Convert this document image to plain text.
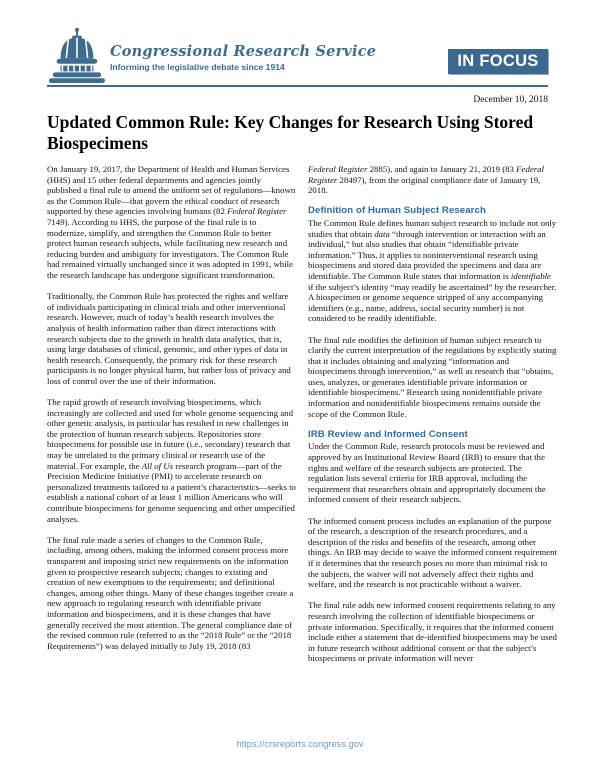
Congressional Research Service
Informing the legislative debate since 1914	IN FOCUS
December 10, 2018
Updated Common Rule: Key Changes for Research Using Stored Biospecimens

On January 19, 2017, the Department of Health and Human Services (HHS) and 15 other federal departments and agencies jointly published a final rule to amend the uniform set of regulations—known as the Common Rule—that govern the ethical conduct of research supported by these agencies involving humans (82 Federal Register 7149). According to HHS, the purpose of the final rule is to modernize, simplify, and strengthen the Common Rule to better protect human research subjects, while facilitating new research and reducing burden and ambiguity for investigators. The Common Rule had remained virtually unchanged since it was adopted in 1991, while the research landscape has undergone significant transformation.

Traditionally, the Common Rule has protected the rights and welfare of individuals participating in clinical trials and other interventional research. However, much of today’s health research involves the analysis of health information rather than direct interactions with research subjects due to the growth in health data analytics, that is, using large databases of clinical, genomic, and other types of data in health research. Consequently, the primary risk for these research participants is no longer physical harm, but rather loss of privacy and loss of control over the use of their information.

The rapid growth of research involving biospecimens, which increasingly are collected and used for whole genome sequencing and other genetic analysis, in particular has resulted in new challenges in the protection of human research subjects. Repositories store biospecimens for possible use in future (i.e., secondary) research that may be unrelated to the primary clinical or research use of the material. For example, the All of Us research program—part of the Precision Medicine Initiative (PMI) to accelerate research on personalized treatments tailored to a patient’s characteristics—seeks to establish a national cohort of at least 1 million Americans who will contribute biospecimens for genome sequencing and other unspecified analyses.

The final rule made a series of changes to the Common Rule, including, among others, making the informed consent process more transparent and imposing strict new requirements on the information given to prospective research subjects; changes to existing and creation of new exemptions to the requirements; and definitional changes, among other things. Many of these changes together create a new approach to regulating research with identifiable private information and biospecimens, and it is these changes that have generally received the most attention. The general compliance date of the revised common rule (referred to as the “2018 Rule” or the “2018 Requirements”) was delayed initially to July 19, 2018 (83

Federal Register 2885), and again to January 21, 2019 (83 Federal Register 28497), from the original compliance date of January 19, 2018.

Definition of Human Subject Research

The Common Rule defines human subject research to include not only studies that obtain data “through intervention or interaction with an individual,” but also studies that obtain “identifiable private information.” Thus, it applies to noninterventional research using biospecimens and stored data provided the specimens and data are identifiable. The Common Rule states that information is identifiable if the subject’s identity “may readily be ascertained” by the researcher. A biospecimen or genome sequence stripped of any accompanying identifiers (e.g., name, address, social security number) is not considered to be readily identifiable.

The final rule modifies the definition of human subject research to clarify the current interpretation of the regulations by explicitly stating that it includes obtaining and analyzing “information and biospecimens through intervention,” as well as research that “obtains, uses, analyzes, or generates identifiable private information or identifiable biospecimens.” Research using nonidentifiable private information and nonidentifiable biospecimens remains outside the scope of the Common Rule.

IRB Review and Informed Consent

Under the Common Rule, research protocols must be reviewed and approved by an Institutional Review Board (IRB) to ensure that the rights and welfare of the research subjects are protected. The regulation lists several criteria for IRB approval, including the requirement that researchers obtain and appropriately document the informed consent of their research subjects.

The informed consent process includes an explanation of the purpose of the research, a description of the research procedures, and a description of the risks and benefits of the research, among other things. An IRB may decide to waive the informed consent requirement if it determines that the research poses no more than minimal risk to the subjects, the waiver will not adversely affect their rights and welfare, and the research is not practicable without a waiver.

The final rule adds new informed consent requirements relating to any research involving the collection of identifiable biospecimens or private information. Specifically, it requires that the informed consent include either a statement that de-identified biospecimens may be used in future research without additional consent or that the subject’s biospecimens or private information will never

https://crsreports.congress.gov
